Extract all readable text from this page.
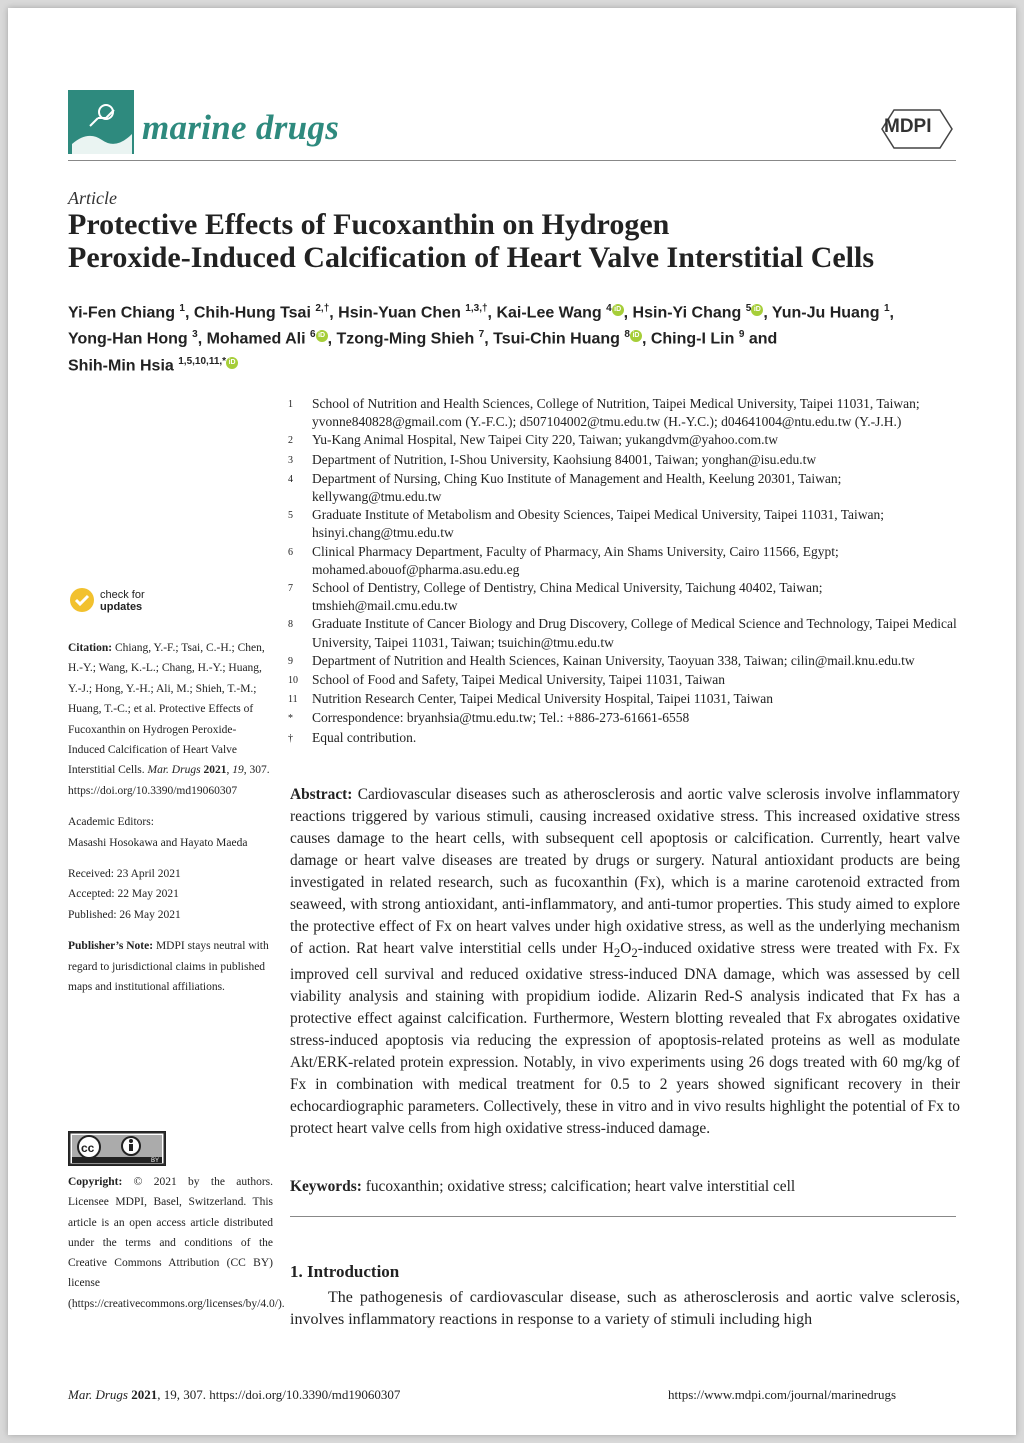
marine drugs	MDPI
Article
Protective Effects of Fucoxanthin on Hydrogen
Peroxide-Induced Calcification of Heart Valve Interstitial Cells
Yi-Fen Chiang $^1$, Chih-Hung Tsai $^{2,\dagger}$, Hsin-Yuan Chen $^{1,3,\dagger}$, Kai-Lee Wang $^4$ iD , Hsin-Yi Chang $^5$ iD , Yun-Ju Huang $^1$,
Yong-Han Hong $^3$, Mohamed Ali $^6$ iD , Tzong-Ming Shieh $^7$, Tsui-Chin Huang $^8$ iD , Ching-I Lin $^9$ and
Shih-Min Hsia $^{1,5,10,11,*}$ iD
1	School of Nutrition and Health Sciences, College of Nutrition, Taipei Medical University, Taipei 11031, Taiwan; yvonne840828@gmail.com (Y.-F.C.); d507104002@tmu.edu.tw (H.-Y.C.); d04641004@ntu.edu.tw (Y.-J.H.)
2	Yu-Kang Animal Hospital, New Taipei City 220, Taiwan; yukangdvm@yahoo.com.tw
3	Department of Nutrition, I-Shou University, Kaohsiung 84001, Taiwan; yonghan@isu.edu.tw
4	Department of Nursing, Ching Kuo Institute of Management and Health, Keelung 20301, Taiwan; kellywang@tmu.edu.tw
5	Graduate Institute of Metabolism and Obesity Sciences, Taipei Medical University, Taipei 11031, Taiwan; hsinyi.chang@tmu.edu.tw
6	Clinical Pharmacy Department, Faculty of Pharmacy, Ain Shams University, Cairo 11566, Egypt; mohamed.abouof@pharma.asu.edu.eg
7	School of Dentistry, College of Dentistry, China Medical University, Taichung 40402, Taiwan; tmshieh@mail.cmu.edu.tw
8	Graduate Institute of Cancer Biology and Drug Discovery, College of Medical Science and Technology, Taipei Medical University, Taipei 11031, Taiwan; tsuichin@tmu.edu.tw
9	Department of Nutrition and Health Sciences, Kainan University, Taoyuan 338, Taiwan; cilin@mail.knu.edu.tw
10	School of Food and Safety, Taipei Medical University, Taipei 11031, Taiwan
11	Nutrition Research Center, Taipei Medical University Hospital, Taipei 11031, Taiwan
*	Correspondence: bryanhsia@tmu.edu.tw; Tel.: +886-273-61661-6558
†	Equal contribution.
check for
updates

Citation: Chiang, Y.-F.; Tsai, C.-H.; Chen, H.-Y.; Wang, K.-L.; Chang, H.-Y.; Huang, Y.-J.; Hong, Y.-H.; Ali, M.; Shieh, T.-M.; Huang, T.-C.; et al. Protective Effects of Fucoxanthin on Hydrogen Peroxide-Induced Calcification of Heart Valve Interstitial Cells. Mar. Drugs 2021, 19, 307. https://doi.org/10.3390/md19060307

Academic Editors:
Masashi Hosokawa and Hayato Maeda

Received: 23 April 2021
Accepted: 22 May 2021
Published: 26 May 2021

Publisher’s Note: MDPI stays neutral with regard to jurisdictional claims in published maps and institutional affiliations.

cc
BY
Copyright: © 2021 by the authors. Licensee MDPI, Basel, Switzerland. This article is an open access article distributed under the terms and conditions of the Creative Commons Attribution (CC BY) license (https://creativecommons.org/licenses/by/4.0/).
Abstract: Cardiovascular diseases such as atherosclerosis and aortic valve sclerosis involve inflammatory reactions triggered by various stimuli, causing increased oxidative stress. This increased oxidative stress causes damage to the heart cells, with subsequent cell apoptosis or calcification. Currently, heart valve damage or heart valve diseases are treated by drugs or surgery. Natural antioxidant products are being investigated in related research, such as fucoxanthin (Fx), which is a marine carotenoid extracted from seaweed, with strong antioxidant, anti-inflammatory, and anti-tumor properties. This study aimed to explore the protective effect of Fx on heart valves under high oxidative stress, as well as the underlying mechanism of action. Rat heart valve interstitial cells under $H_2O_2$-induced oxidative stress were treated with Fx. Fx improved cell survival and reduced oxidative stress-induced DNA damage, which was assessed by cell viability analysis and staining with propidium iodide. Alizarin Red-S analysis indicated that Fx has a protective effect against calcification. Furthermore, Western blotting revealed that Fx abrogates oxidative stress-induced apoptosis via reducing the expression of apoptosis-related proteins as well as modulate Akt/ERK-related protein expression. Notably, in vivo experiments using 26 dogs treated with 60 mg/kg of Fx in combination with medical treatment for 0.5 to 2 years showed significant recovery in their echocardiographic parameters. Collectively, these in vitro and in vivo results highlight the potential of Fx to protect heart valve cells from high oxidative stress-induced damage.
Keywords: fucoxanthin; oxidative stress; calcification; heart valve interstitial cell
1. Introduction
The pathogenesis of cardiovascular disease, such as atherosclerosis and aortic valve sclerosis, involves inflammatory reactions in response to a variety of stimuli including high
Mar. Drugs 2021, 19, 307. https://doi.org/10.3390/md19060307	https://www.mdpi.com/journal/marinedrugs
